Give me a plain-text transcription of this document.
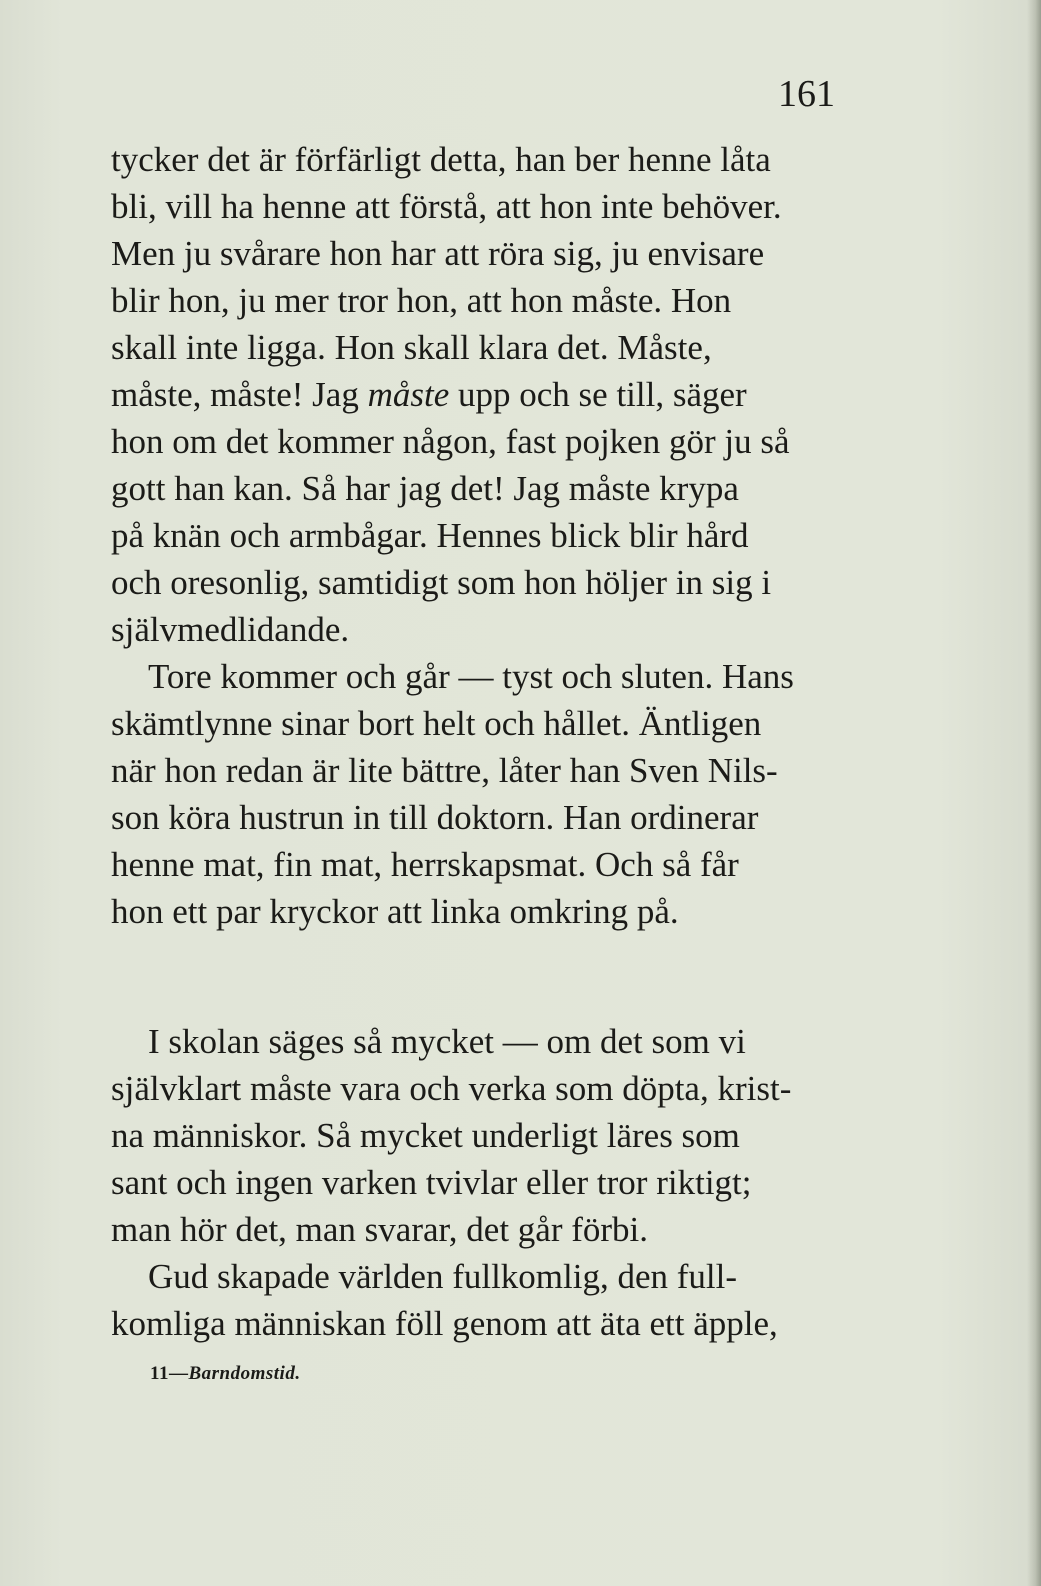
161
tycker det är förfärligt detta, han ber henne låta
bli, vill ha henne att förstå, att hon inte behöver.
Men ju svårare hon har att röra sig, ju envisare
blir hon, ju mer tror hon, att hon måste. Hon
skall inte ligga. Hon skall klara det. Måste,
måste, måste! Jag måste upp och se till, säger
hon om det kommer någon, fast pojken gör ju så
gott han kan. Så har jag det! Jag måste krypa
på knän och armbågar. Hennes blick blir hård
och oresonlig, samtidigt som hon höljer in sig i
självmedlidande.
Tore kommer och går — tyst och sluten. Hans
skämtlynne sinar bort helt och hållet. Äntligen
när hon redan är lite bättre, låter han Sven Nils-
son köra hustrun in till doktorn. Han ordinerar
henne mat, fin mat, herrskapsmat. Och så får
hon ett par kryckor att linka omkring på.
I skolan säges så mycket — om det som vi
självklart måste vara och verka som döpta, krist-
na människor. Så mycket underligt läres som
sant och ingen varken tvivlar eller tror riktigt;
man hör det, man svarar, det går förbi.
Gud skapade världen fullkomlig, den full-
komliga människan föll genom att äta ett äpple,
11—Barndomstid.
